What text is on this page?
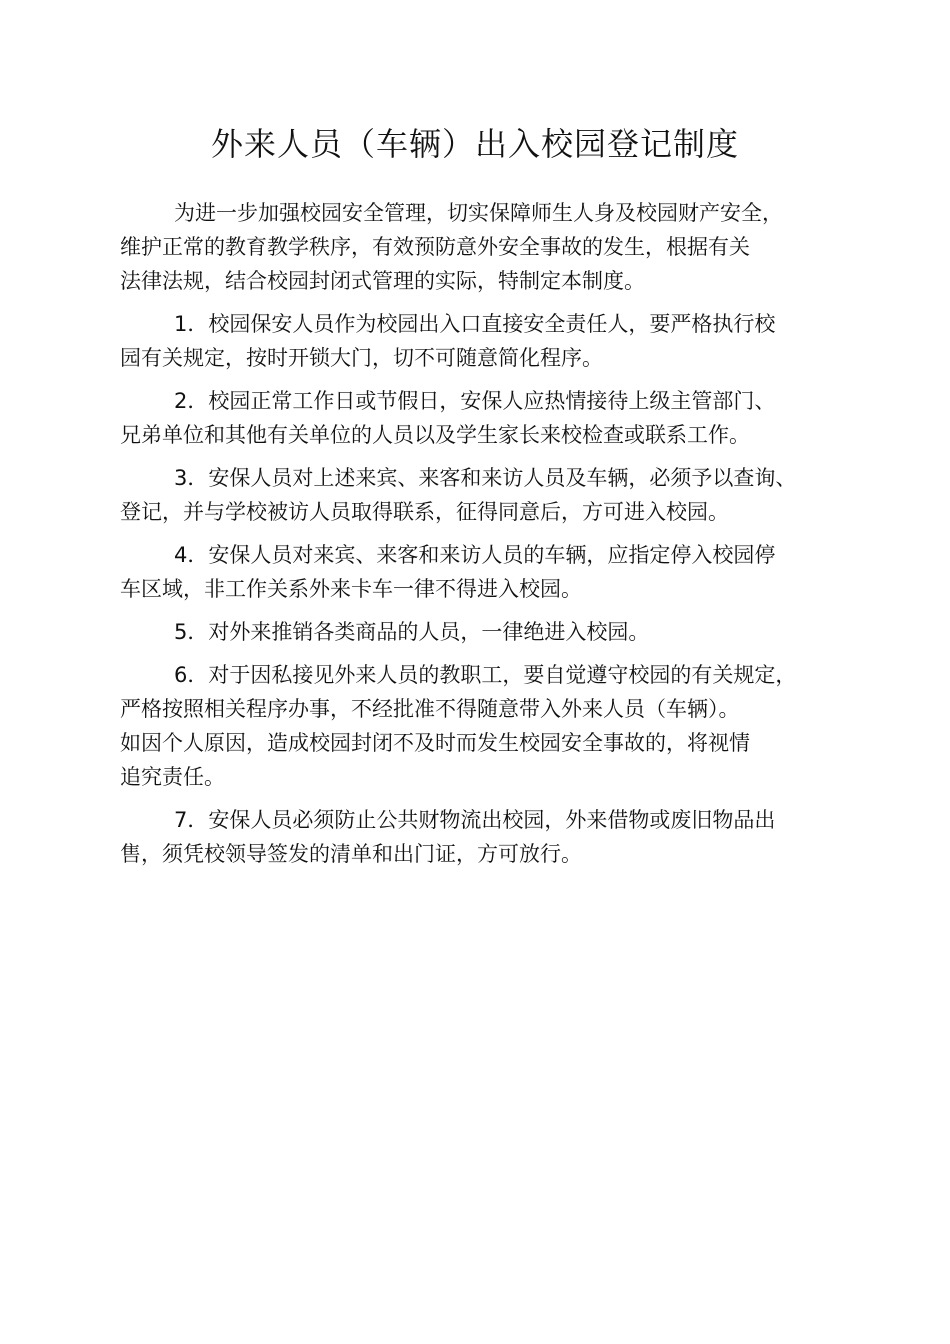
外来人员（车辆）出入校园登记制度

为进一步加强校园安全管理，切实保障师生人身及校园财产安全，
维护正常的教育教学秩序，有效预防意外安全事故的发生，根据有关
法律法规，结合校园封闭式管理的实际，特制定本制度。

1．校园保安人员作为校园出入口直接安全责任人，要严格执行校
园有关规定，按时开锁大门，切不可随意简化程序。

2．校园正常工作日或节假日，安保人应热情接待上级主管部门、
兄弟单位和其他有关单位的人员以及学生家长来校检查或联系工作。

3．安保人员对上述来宾、来客和来访人员及车辆，必须予以查询、
登记，并与学校被访人员取得联系，征得同意后，方可进入校园。

4．安保人员对来宾、来客和来访人员的车辆，应指定停入校园停
车区域，非工作关系外来卡车一律不得进入校园。

5．对外来推销各类商品的人员，一律绝进入校园。

6．对于因私接见外来人员的教职工，要自觉遵守校园的有关规定，
严格按照相关程序办事，不经批准不得随意带入外来人员（车辆）。
如因个人原因，造成校园封闭不及时而发生校园安全事故的，将视情
追究责任。

7．安保人员必须防止公共财物流出校园，外来借物或废旧物品出
售，须凭校领导签发的清单和出门证，方可放行。
